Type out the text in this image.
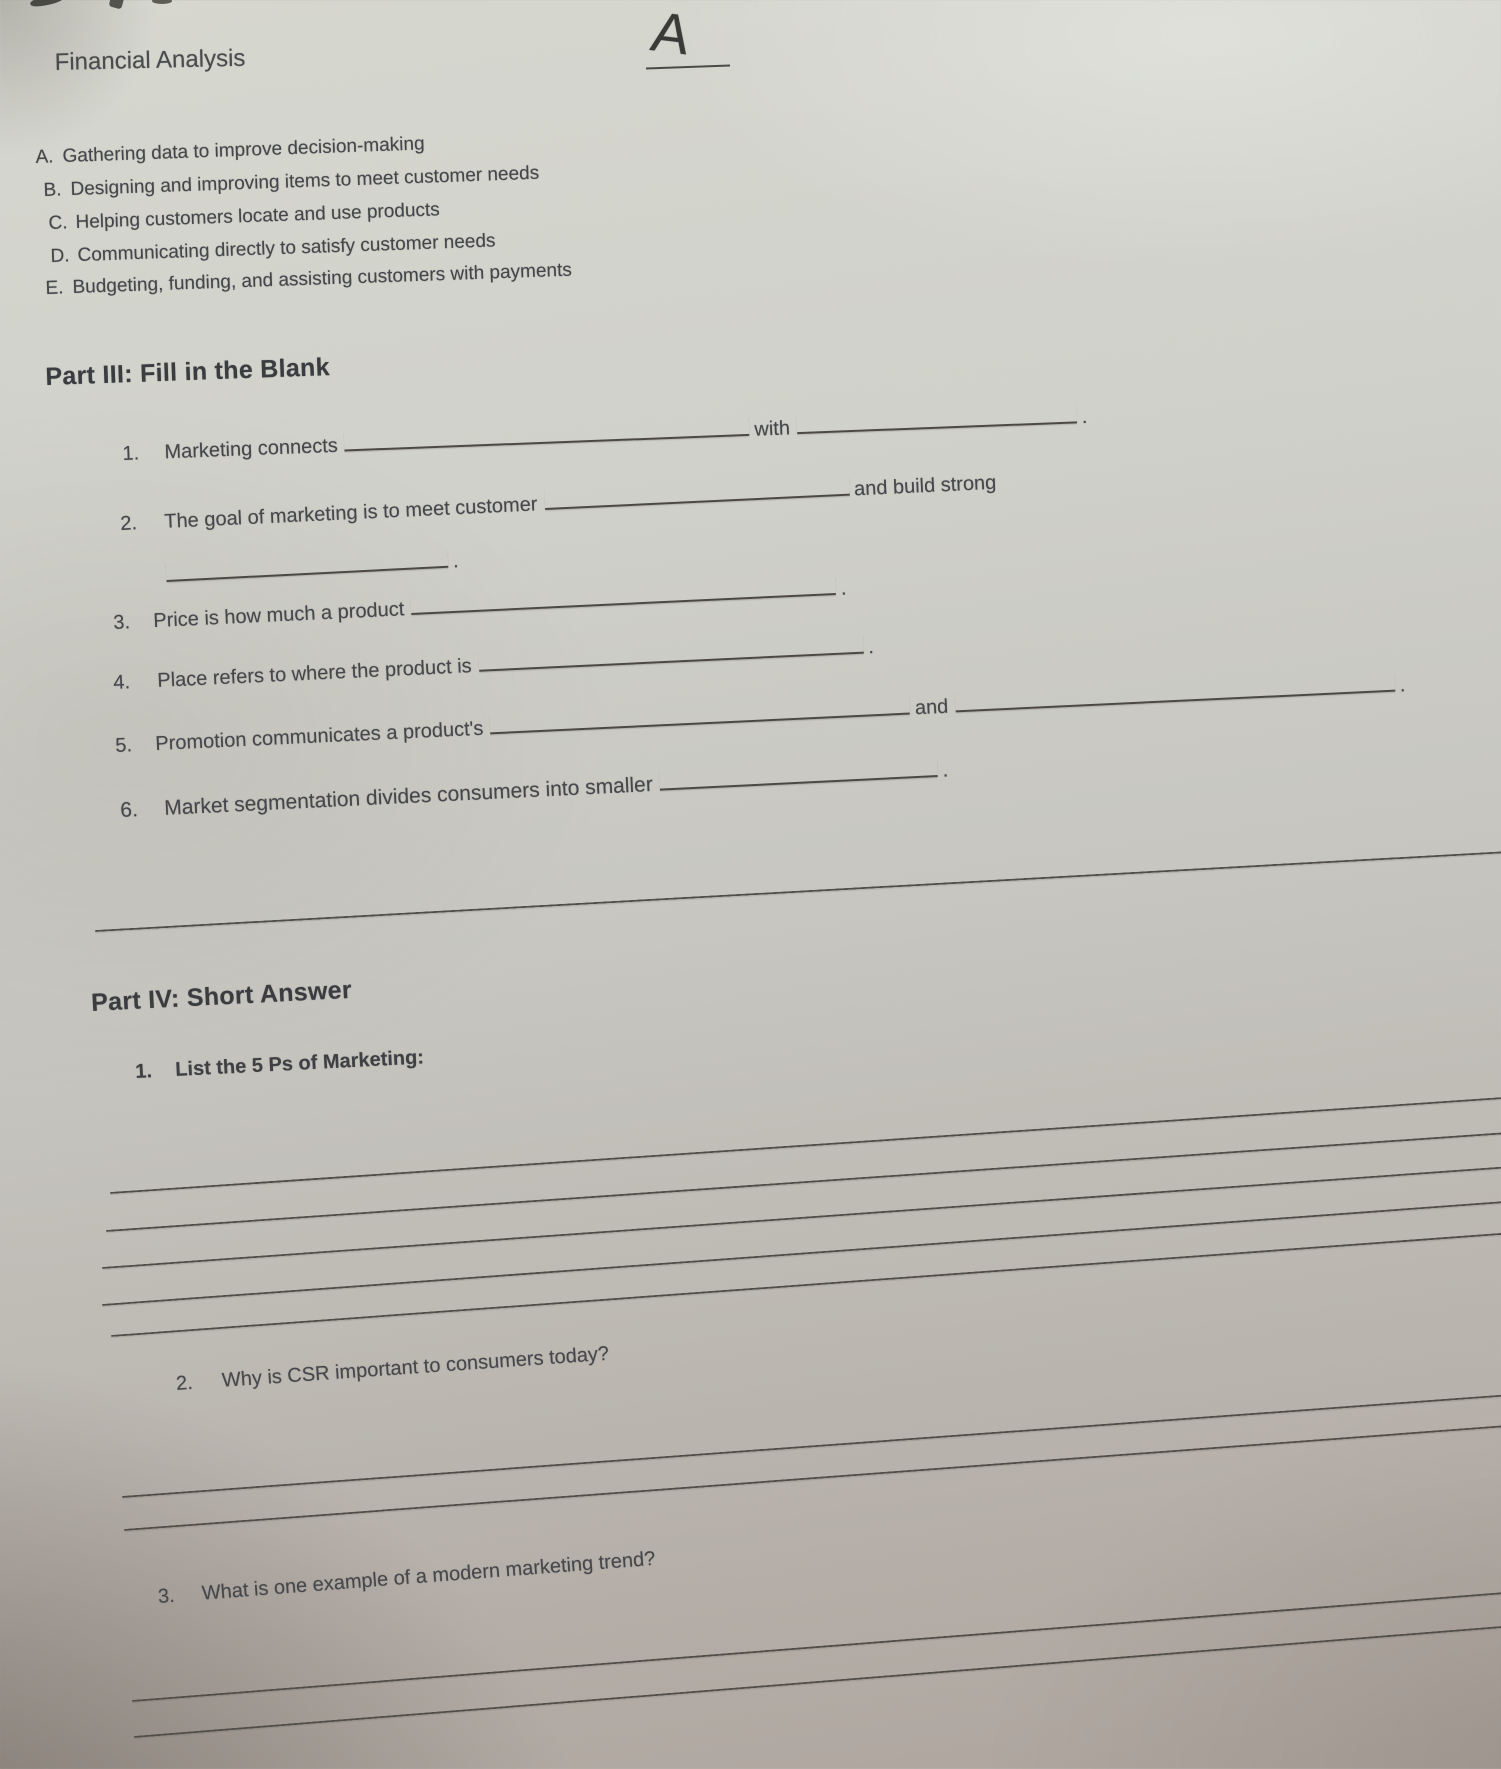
Financial Analysis	A
A. Gathering data to improve decision-making
B. Designing and improving items to meet customer needs
C. Helping customers locate and use products
D. Communicating directly to satisfy customer needs
E. Budgeting, funding, and assisting customers with payments
Part III: Fill in the Blank
1.	Marketing connects
with
.
2.	The goal of marketing is to meet customer
and build strong
.
3.	Price is how much a product
.
4.	Place refers to where the product is
.
5.	Promotion communicates a product's
and
.
6.	Market segmentation divides consumers into smaller
.
Part IV: Short Answer
1.	List the 5 Ps of Marketing:
2.	Why is CSR important to consumers today?
3.	What is one example of a modern marketing trend?
